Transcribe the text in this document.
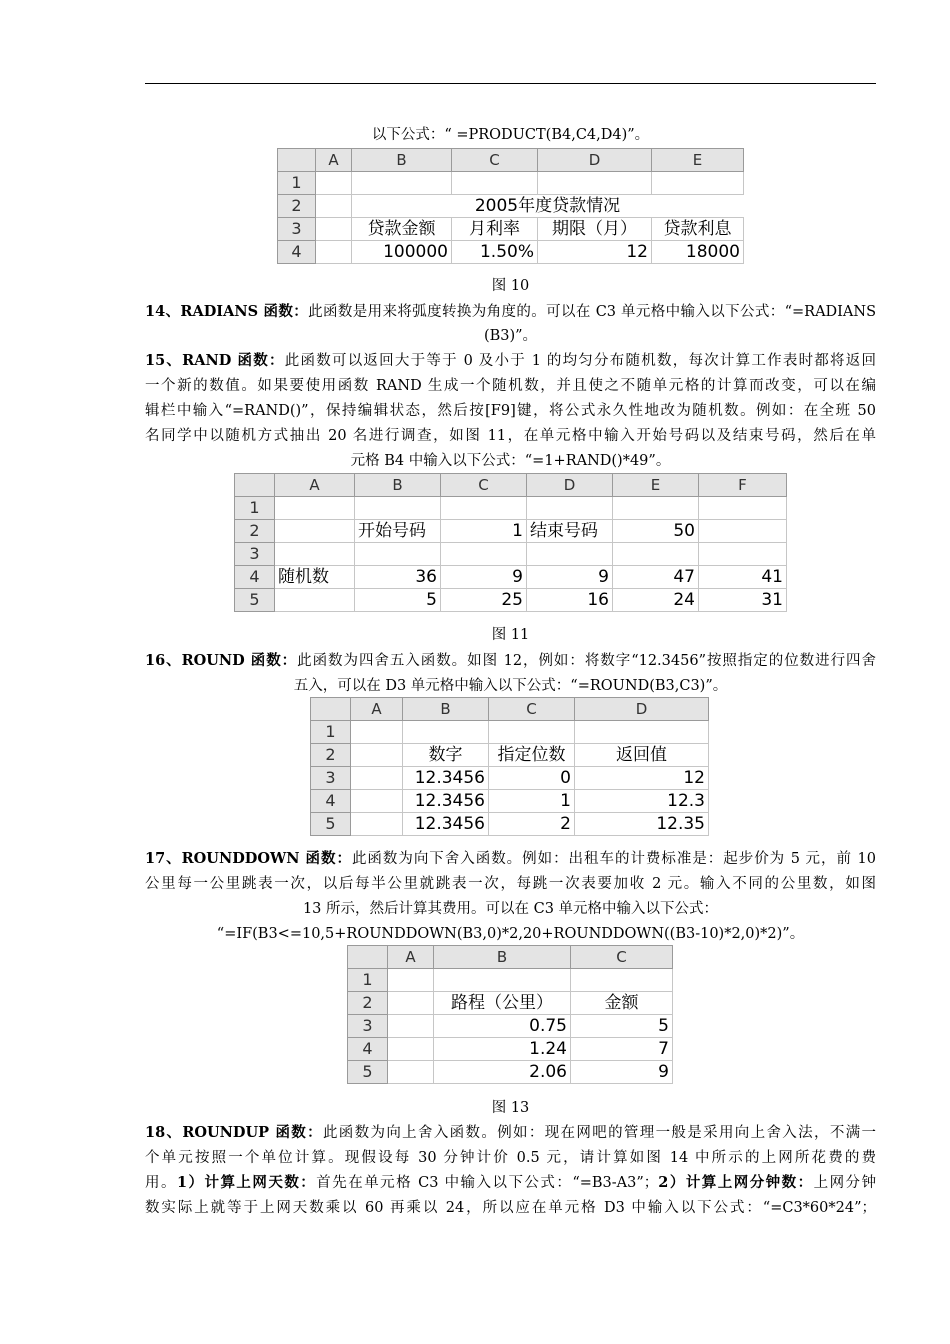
以下公式：“ =PRODUCT(B4,C4,D4)”。
	A	B	C	D	E
1					
2		2005年度贷款情况			
3		贷款金额	月利率	期限（月）	贷款利息
4		100000	1.50%	12	18000
图 10
14、RADIANS 函数：此函数是用来将弧度转换为角度的。可以在 C3 单元格中输入以下公式：“=RADIANS
(B3)”。
15、RAND 函数：此函数可以返回大于等于 0 及小于 1 的均匀分布随机数，每次计算工作表时都将返回
一个新的数值。如果要使用函数 RAND 生成一个随机数，并且使之不随单元格的计算而改变，可以在编
辑栏中输入“=RAND()”，保持编辑状态，然后按[F9]键，将公式永久性地改为随机数。例如：在全班 50
名同学中以随机方式抽出 20 名进行调查，如图 11，在单元格中输入开始号码以及结束号码，然后在单
元格 B4 中输入以下公式：“=1+RAND()*49”。
	A	B	C	D	E	F
1						
2		开始号码	1	结束号码	50	
3						
4	随机数	36	9	9	47	41
5		5	25	16	24	31
图 11
16、ROUND 函数：此函数为四舍五入函数。如图 12，例如：将数字“12.3456”按照指定的位数进行四舍
五入，可以在 D3 单元格中输入以下公式：“=ROUND(B3,C3)”。
	A	B	C	D
1				
2		数字	指定位数	返回值
3		12.3456	0	12
4		12.3456	1	12.3
5		12.3456	2	12.35
17、ROUNDDOWN 函数：此函数为向下舍入函数。例如：出租车的计费标准是：起步价为 5 元，前 10
公里每一公里跳表一次，以后每半公里就跳表一次，每跳一次表要加收 2 元。输入不同的公里数，如图
13 所示，然后计算其费用。可以在 C3 单元格中输入以下公式：
“=IF(B3<=10,5+ROUNDDOWN(B3,0)*2,20+ROUNDDOWN((B3-10)*2,0)*2)”。
	A	B	C
1			
2		路程（公里）	金额
3		0.75	5
4		1.24	7
5		2.06	9
图 13
18、ROUNDUP 函数：此函数为向上舍入函数。例如：现在网吧的管理一般是采用向上舍入法，不满一
个单元按照一个单位计算。现假设每 30 分钟计价 0.5 元，请计算如图 14 中所示的上网所花费的费
用。1）计算上网天数：首先在单元格 C3 中输入以下公式：“=B3-A3”；2）计算上网分钟数：上网分钟
数实际上就等于上网天数乘以 60 再乘以 24，所以应在单元格 D3 中输入以下公式：“=C3*60*24”；
